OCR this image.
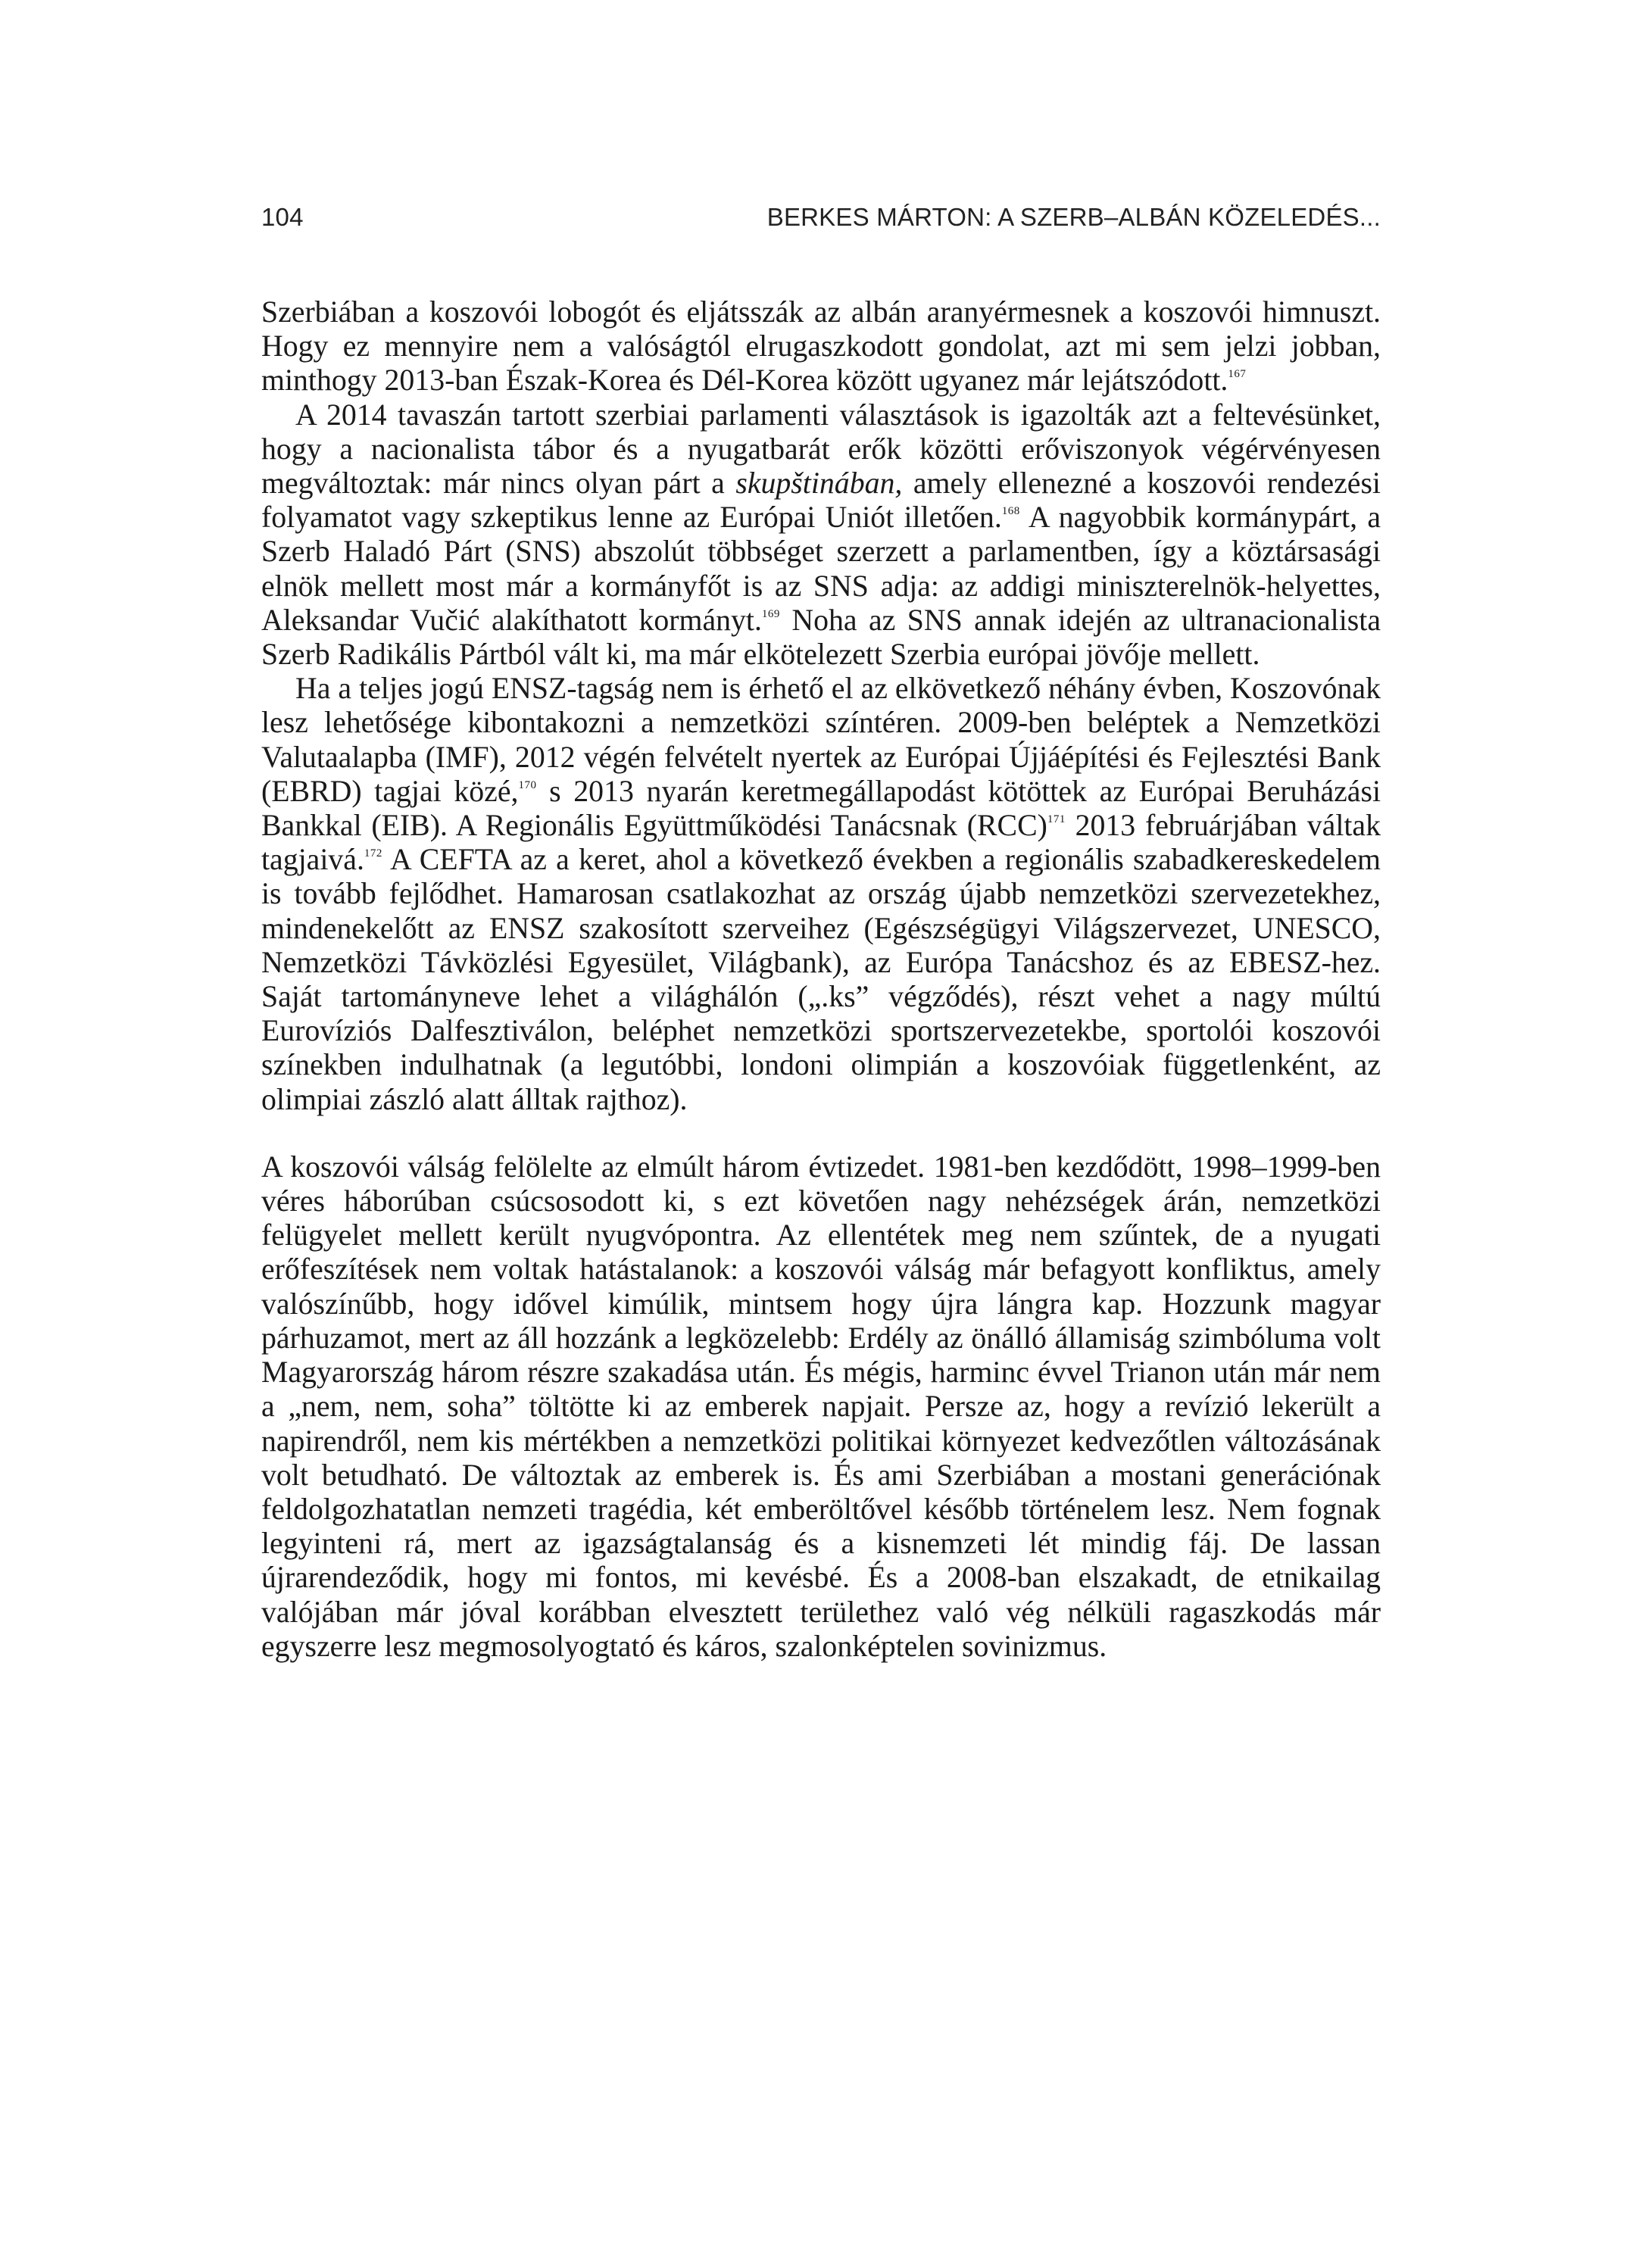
104	BERKES MÁRTON: A SZERB–ALBÁN KÖZELEDÉS...

Szerbiában a koszovói lobogót és eljátsszák az albán aranyérmesnek a koszovói himnuszt. Hogy ez mennyire nem a valóságtól elrugaszkodott gondolat, azt mi sem jelzi jobban, minthogy 2013-ban Észak-Korea és Dél-Korea között ugyanez már lejátszódott.$^{167}$

A 2014 tavaszán tartott szerbiai parlamenti választások is igazolták azt a feltevésünket, hogy a nacionalista tábor és a nyugatbarát erők közötti erőviszonyok végérvényesen megváltoztak: már nincs olyan párt a skupštinában, amely ellenezné a koszovói rendezési folyamatot vagy szkeptikus lenne az Európai Uniót illetően.$^{168}$ A nagyobbik kormánypárt, a Szerb Haladó Párt (SNS) abszolút többséget szerzett a parlamentben, így a köztársasági elnök mellett most már a kormányfőt is az SNS adja: az addigi miniszterelnök-helyettes, Aleksandar Vučić alakíthatott kormányt.$^{169}$ Noha az SNS annak idején az ultranacionalista Szerb Radikális Pártból vált ki, ma már elkötelezett Szerbia európai jövője mellett.

Ha a teljes jogú ENSZ-tagság nem is érhető el az elkövetkező néhány évben, Koszovónak lesz lehetősége kibontakozni a nemzetközi színtéren. 2009-ben beléptek a Nemzetközi Valutaalapba (IMF), 2012 végén felvételt nyertek az Európai Újjáépítési és Fejlesztési Bank (EBRD) tagjai közé,$^{170}$ s 2013 nyarán keretmegállapodást kötöttek az Európai Beruházási Bankkal (EIB). A Regionális Együttműködési Tanácsnak (RCC)$^{171}$ 2013 februárjában váltak tagjaivá.$^{172}$ A CEFTA az a keret, ahol a következő években a regionális szabadkereskedelem is tovább fejlődhet. Hamarosan csatlakozhat az ország újabb nemzetközi szervezetekhez, mindenekelőtt az ENSZ szakosított szerveihez (Egészségügyi Világszervezet, UNESCO, Nemzetközi Távközlési Egyesület, Világbank), az Európa Tanácshoz és az EBESZ-hez. Saját tartományneve lehet a világhálón („.ks” végződés), részt vehet a nagy múltú Eurovíziós Dalfesztiválon, beléphet nemzetközi sportszervezetekbe, sportolói koszovói színekben indulhatnak (a legutóbbi, londoni olimpián a koszovóiak függetlenként, az olimpiai zászló alatt álltak rajthoz).

A koszovói válság felölelte az elmúlt három évtizedet. 1981-ben kezdődött, 1998–1999-ben véres háborúban csúcsosodott ki, s ezt követően nagy nehézségek árán, nemzetközi felügyelet mellett került nyugvópontra. Az ellentétek meg nem szűntek, de a nyugati erőfeszítések nem voltak hatástalanok: a koszovói válság már befagyott konfliktus, amely valószínűbb, hogy idővel kimúlik, mintsem hogy újra lángra kap. Hozzunk magyar párhuzamot, mert az áll hozzánk a legközelebb: Erdély az önálló államiság szimbóluma volt Magyarország három részre szakadása után. És mégis, harminc évvel Trianon után már nem a „nem, nem, soha” töltötte ki az emberek napjait. Persze az, hogy a revízió lekerült a napirendről, nem kis mértékben a nemzetközi politikai környezet kedvezőtlen változásának volt betudható. De változtak az emberek is. És ami Szerbiában a mostani generációnak feldolgozhatatlan nemzeti tragédia, két emberöltővel később történelem lesz. Nem fognak legyinteni rá, mert az igazságtalanság és a kisnemzeti lét mindig fáj. De lassan újrarendeződik, hogy mi fontos, mi kevésbé. És a 2008-ban elszakadt, de etnikailag valójában már jóval korábban elvesztett területhez való vég nélküli ragaszkodás már egyszerre lesz megmosolyogtató és káros, szalonképtelen sovinizmus.
